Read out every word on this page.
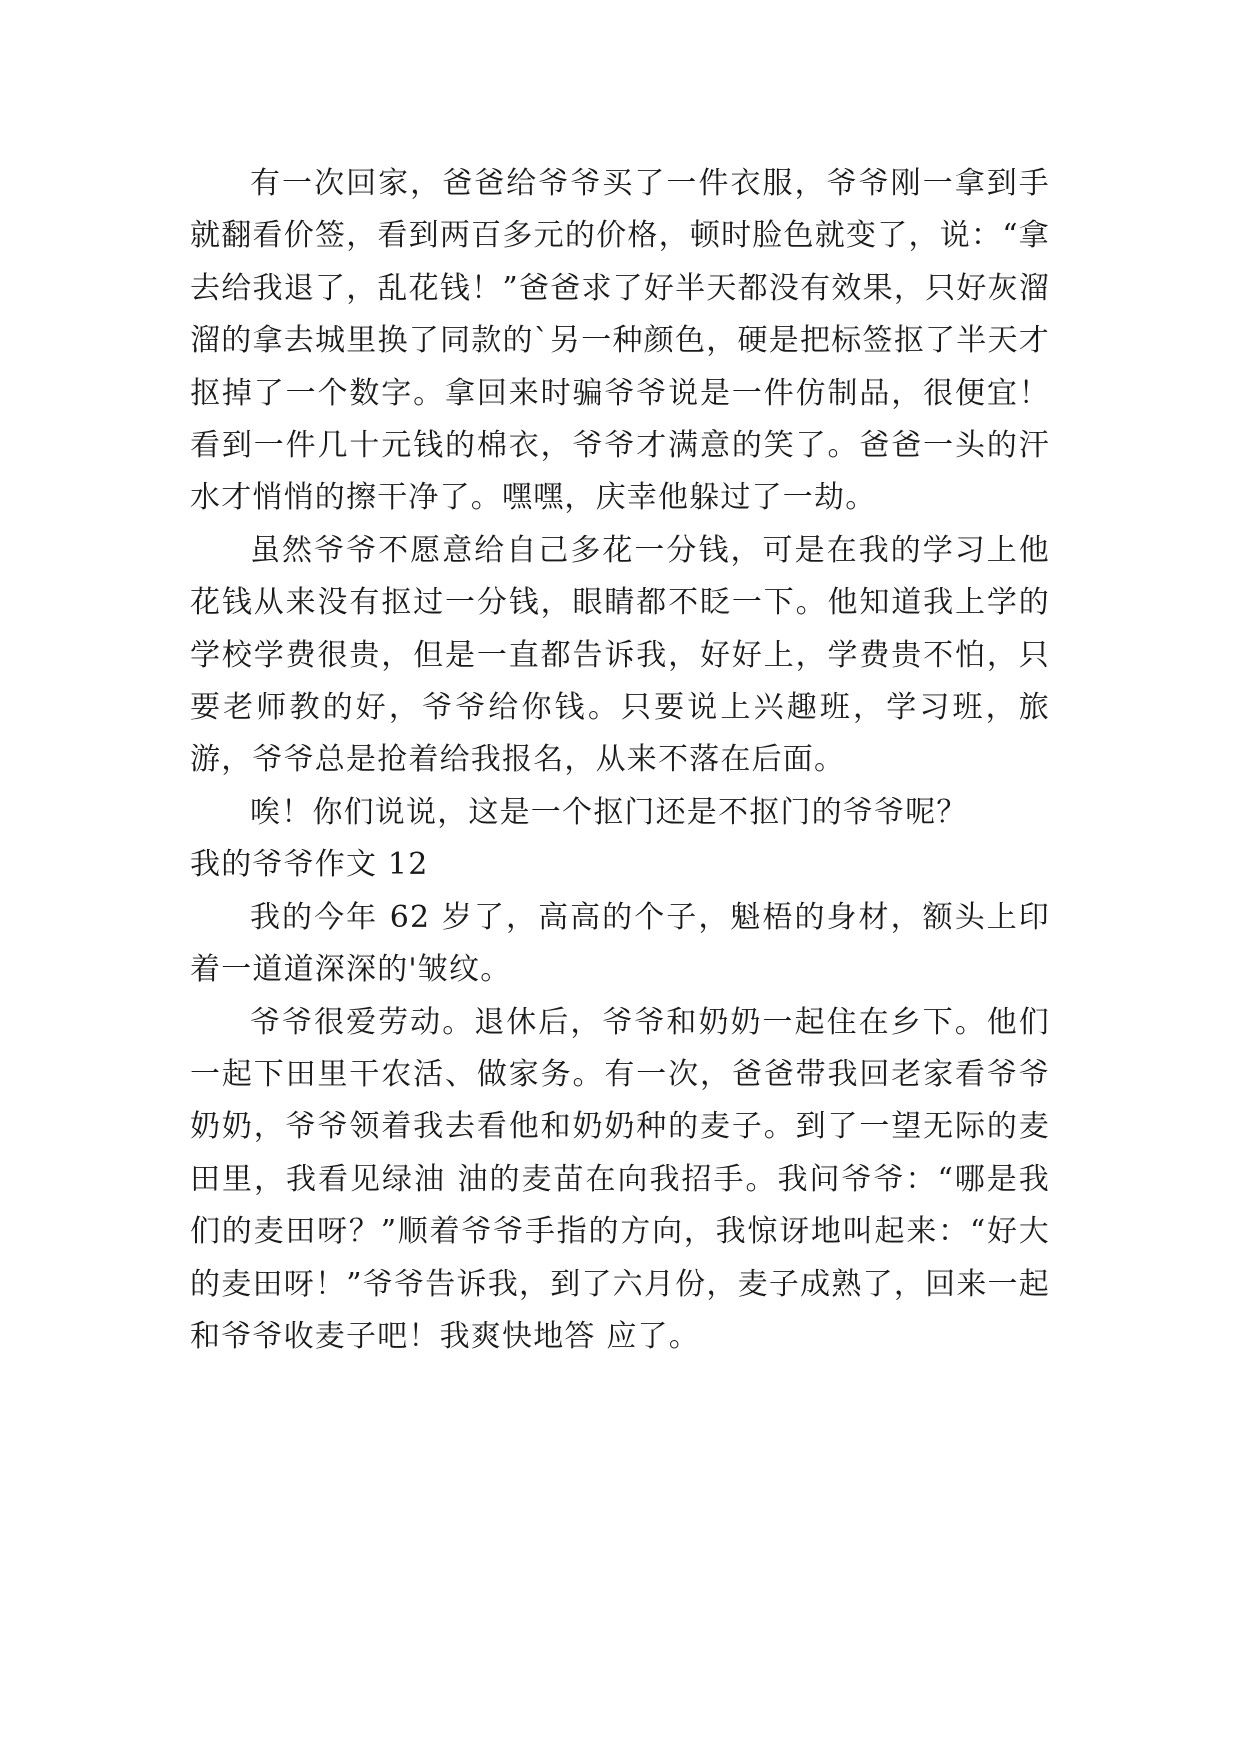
有一次回家，爸爸给爷爷买了一件衣服，爷爷刚一拿到手就翻看价签，看到两百多元的价格，顿时脸色就变了，说：“拿去给我退了，乱花钱！”爸爸求了好半天都没有效果，只好灰溜溜的拿去城里换了同款的`另一种颜色，硬是把标签抠了半天才抠掉了一个数字。拿回来时骗爷爷说是一件仿制品，很便宜！看到一件几十元钱的棉衣，爷爷才满意的笑了。爸爸一头的汗水才悄悄的擦干净了。嘿嘿，庆幸他躲过了一劫。

虽然爷爷不愿意给自己多花一分钱，可是在我的学习上他花钱从来没有抠过一分钱，眼睛都不眨一下。他知道我上学的学校学费很贵，但是一直都告诉我，好好上，学费贵不怕，只要老师教的好，爷爷给你钱。只要说上兴趣班，学习班，旅游，爷爷总是抢着给我报名，从来不落在后面。

唉！你们说说，这是一个抠门还是不抠门的爷爷呢？

我的爷爷作文 12

我的今年 62 岁了，高高的个子，魁梧的身材，额头上印着一道道深深的'皱纹。

爷爷很爱劳动。退休后，爷爷和奶奶一起住在乡下。他们一起下田里干农活、做家务。有一次，爸爸带我回老家看爷爷奶奶，爷爷领着我去看他和奶奶种的麦子。到了一望无际的麦田里，我看见绿油 油的麦苗在向我招手。我问爷爷：“哪是我们的麦田呀？”顺着爷爷手指的方向，我惊讶地叫起来：“好大的麦田呀！”爷爷告诉我，到了六月份，麦子成熟了，回来一起和爷爷收麦子吧！我爽快地答 应了。
